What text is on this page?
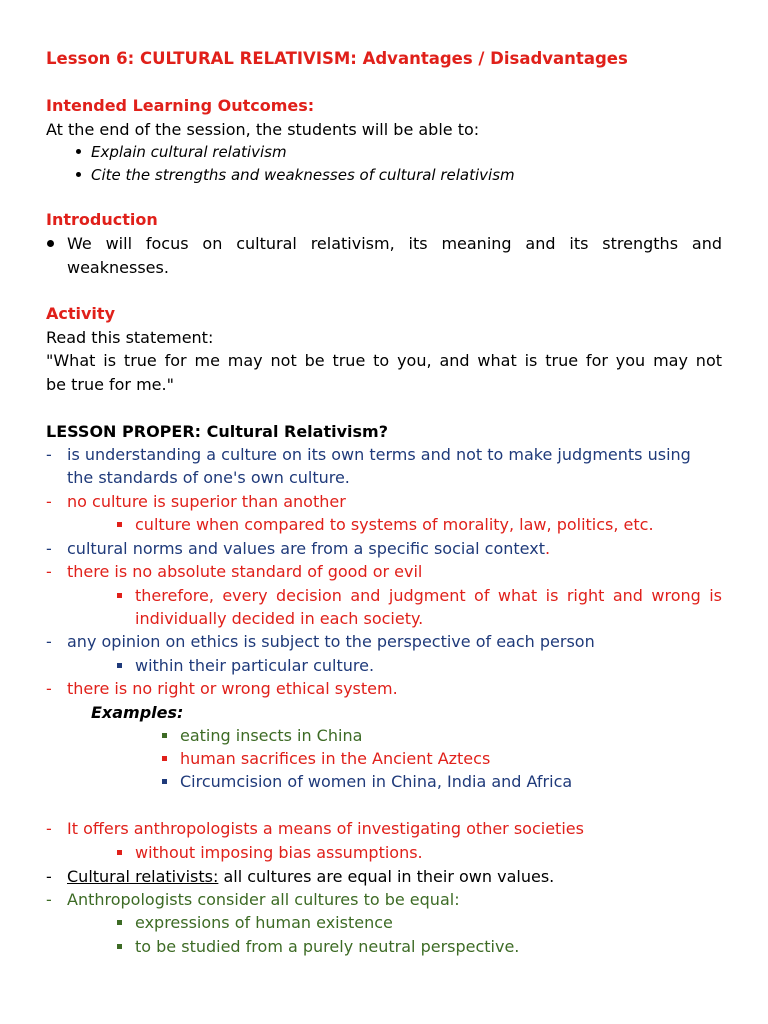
Lesson 6: CULTURAL RELATIVISM: Advantages / Disadvantages
Intended Learning Outcomes:
At the end of the session, the students will be able to:
Explain cultural relativism
Cite the strengths and weaknesses of cultural relativism
Introduction
We will focus on cultural relativism, its meaning and its strengths and
weaknesses.
Activity
Read this statement:
"What is true for me may not be true to you, and what is true for you may not
be true for me."
LESSON PROPER: Cultural Relativism?
- is understanding a culture on its own terms and not to make judgments using
the standards of one's own culture.
- no culture is superior than another
culture when compared to systems of morality, law, politics, etc.
- cultural norms and values are from a specific social context.
- there is no absolute standard of good or evil
therefore, every decision and judgment of what is right and wrong is
individually decided in each society.
- any opinion on ethics is subject to the perspective of each person
within their particular culture.
- there is no right or wrong ethical system.
Examples:
eating insects in China
human sacrifices in the Ancient Aztecs
Circumcision of women in China, India and Africa
- It offers anthropologists a means of investigating other societies
without imposing bias assumptions.
- Cultural relativists: all cultures are equal in their own values.
- Anthropologists consider all cultures to be equal:
expressions of human existence
to be studied from a purely neutral perspective.
